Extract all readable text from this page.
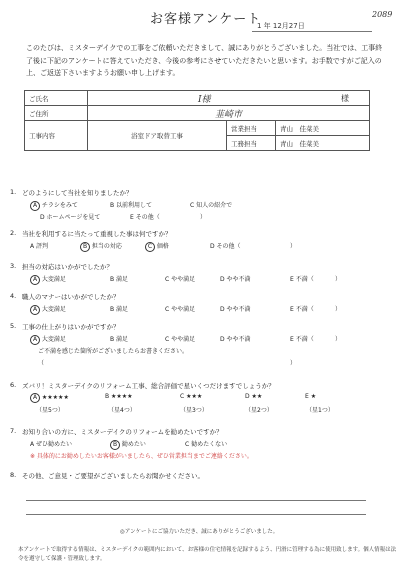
お客様アンケート	2089
1 年 12月27日
このたびは、ミスターデイクでの工事をご依頼いただきまして、誠にありがとうございました。当社では、工事終了後に下記のアンケートに答えていただき、今後の参考にさせていただきたいと思います。お手数ですがご記入の上、ご返送下さいますようお願い申し上げます。
ご氏名	I様 様		

ご住所	韮崎市		
工事内容	浴室ドア取替工事	営業担当	青山　佳菜美
		工務担当	青山　佳菜美
1. どのようにして当社を知りましたか？
A チラシをみて	B 以前利用して	C 知人の紹介で
D ホームページを見て	E その他（	）
2. 当社を利用するに当たって重視した事は何ですか？
A 評判	B 担当の対応	C 価格	D その他（	）
3. 担当の対応はいかがでしたか？
A 大変満足	B 満足	C やや満足	D やや不満	E 不満（	）
4. 職人のマナーはいかがでしたか？
A 大変満足	B 満足	C やや満足	D やや不満	E 不満（	）
5. 工事の仕上がりはいかがですか？
A 大変満足	B 満足	C やや満足	D やや不満	E 不満（	）
ご不満を感じた箇所がございましたらお書きください。
（	）
6. ズバリ！ミスターデイクのリフォーム工事、総合評価で星いくつだけますでしょうか？
A ★★★★★	B ★★★★	C ★★★	D ★★	E ★
（星5つ）	（星4つ）	（星3つ）	（星2つ）	（星1つ）
7. お知り合いの方に、ミスターデイクのリフォームを勧めたいですか？
A ぜひ勧めたい	B 勧めたい	C 勧めたくない
※ 具体的にお勧めしたいお客様がいましたら、ぜひ営業担当までご連絡ください。
8. その他、ご意見・ご要望がございましたらお聞かせください。
◎アンケートにご協力いただき、誠にありがとうございました。
本アンケートで取得する情報は、ミスターデイクの範囲内において、お客様の住宅情報を記録するよう、円滑に管理する為に使用致します。個人情報は法令を遵守して保護・管理致します。
